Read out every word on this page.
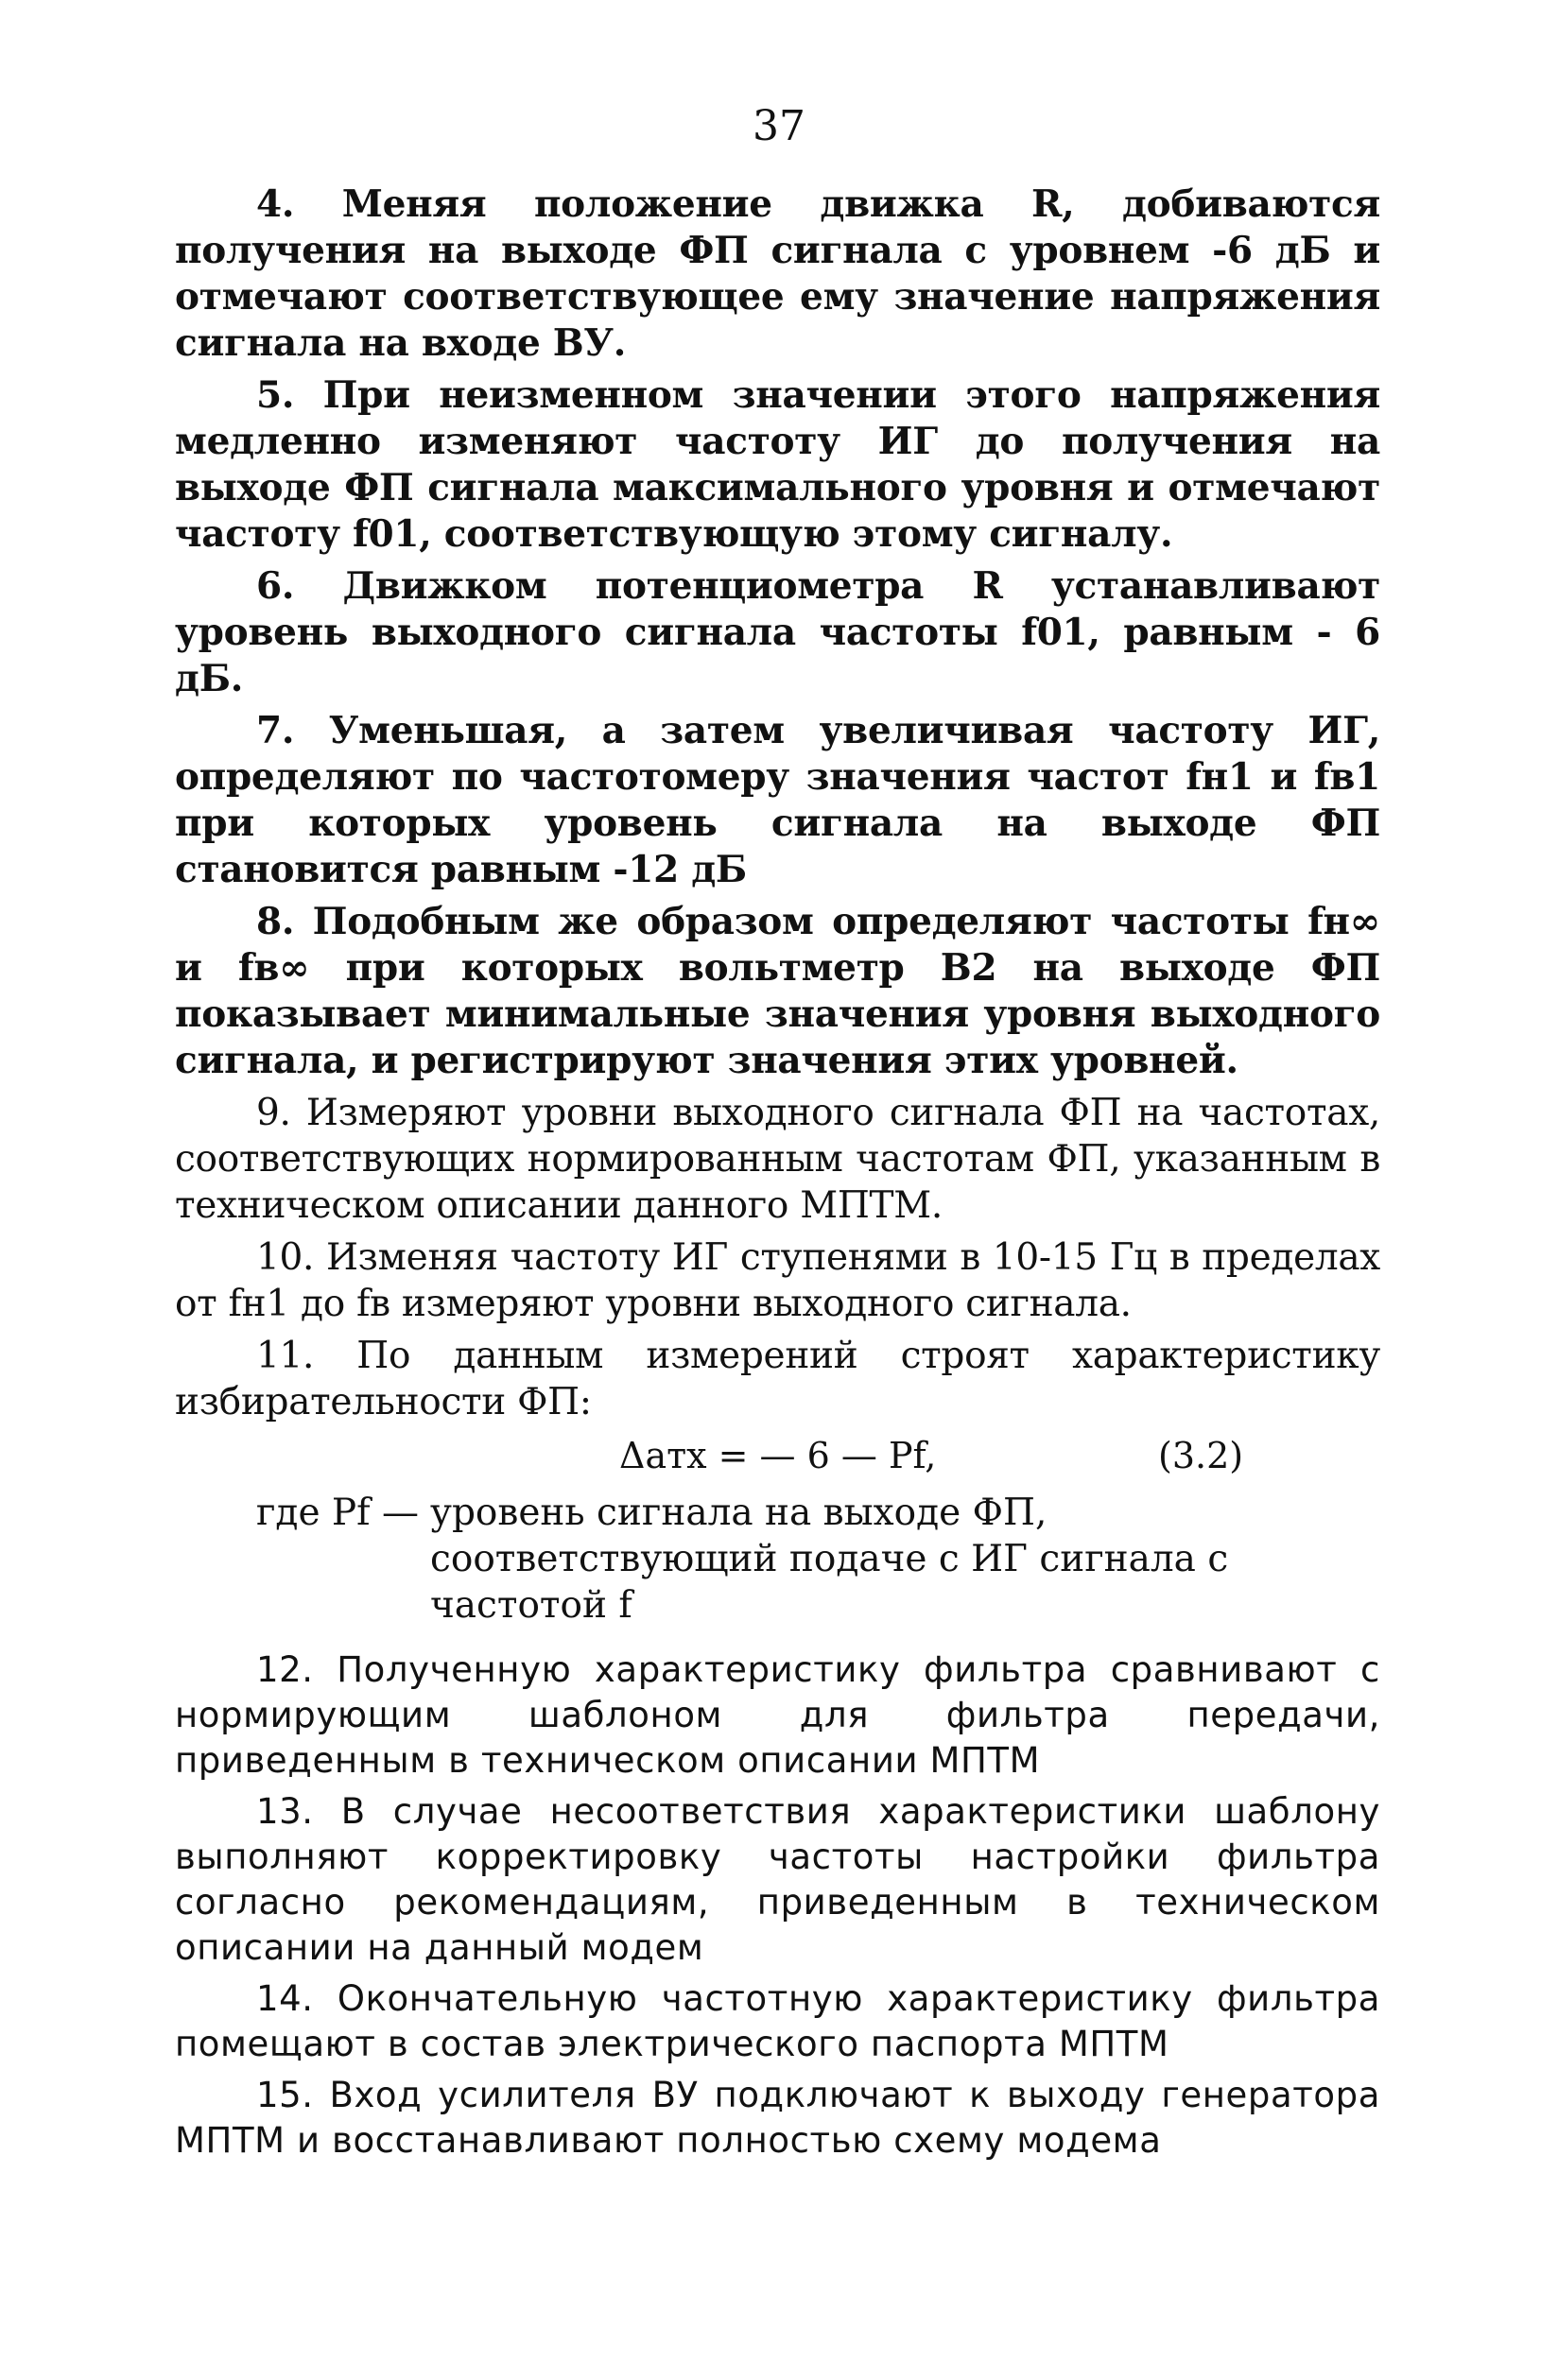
37

4. Меняя положение движка R, добиваются получения на выходе ФП сигнала с уровнем -6 дБ и отмечают соответствующее ему значение напряжения сигнала на входе ВУ.

5. При неизменном значении этого напряжения медленно изменяют частоту ИГ до получения на выходе ФП сигнала максимального уровня и отмечают частоту f01, соответствующую этому сигналу.

6. Движком потенциометра R устанавливают уровень выходного сигнала частоты f01, равным - 6 дБ.

7. Уменьшая, а затем увеличивая частоту ИГ, определяют по частотомеру значения частот fн1 и fв1 при которых уровень сигнала на выходе ФП становится равным -12 дБ

8. Подобным же образом определяют частоты fн∞ и fв∞ при которых вольтметр В2 на выходе ФП показывает минимальные значения уровня выходного сигнала, и регистрируют значения этих уровней.

9. Измеряют уровни выходного сигнала ФП на частотах, соответствующих нормированным частотам ФП, указанным в техническом описании данного МПТМ.

10. Изменяя частоту ИГ ступенями в 10-15 Гц в пределах от fн1 до fв измеряют уровни выходного сигнала.

11. По данным измерений строят характеристику избирательности ФП:

Δaтх = — 6 — Pf,	(3.2)
где Pf — уровень сигнала на выходе ФП, соответствующий подаче с ИГ сигнала с частотой f

12. Полученную характеристику фильтра сравнивают с нормирующим шаблоном для фильтра передачи, приведенным в техническом описании МПТМ

13. В случае несоответствия характеристики шаблону выполняют корректировку частоты настройки фильтра согласно рекомендациям, приведенным в техническом описании на данный модем

14. Окончательную частотную характеристику фильтра помещают в состав электрического паспорта МПТМ

15. Вход усилителя ВУ подключают к выходу генератора МПТМ и восстанавливают полностью схему модема
